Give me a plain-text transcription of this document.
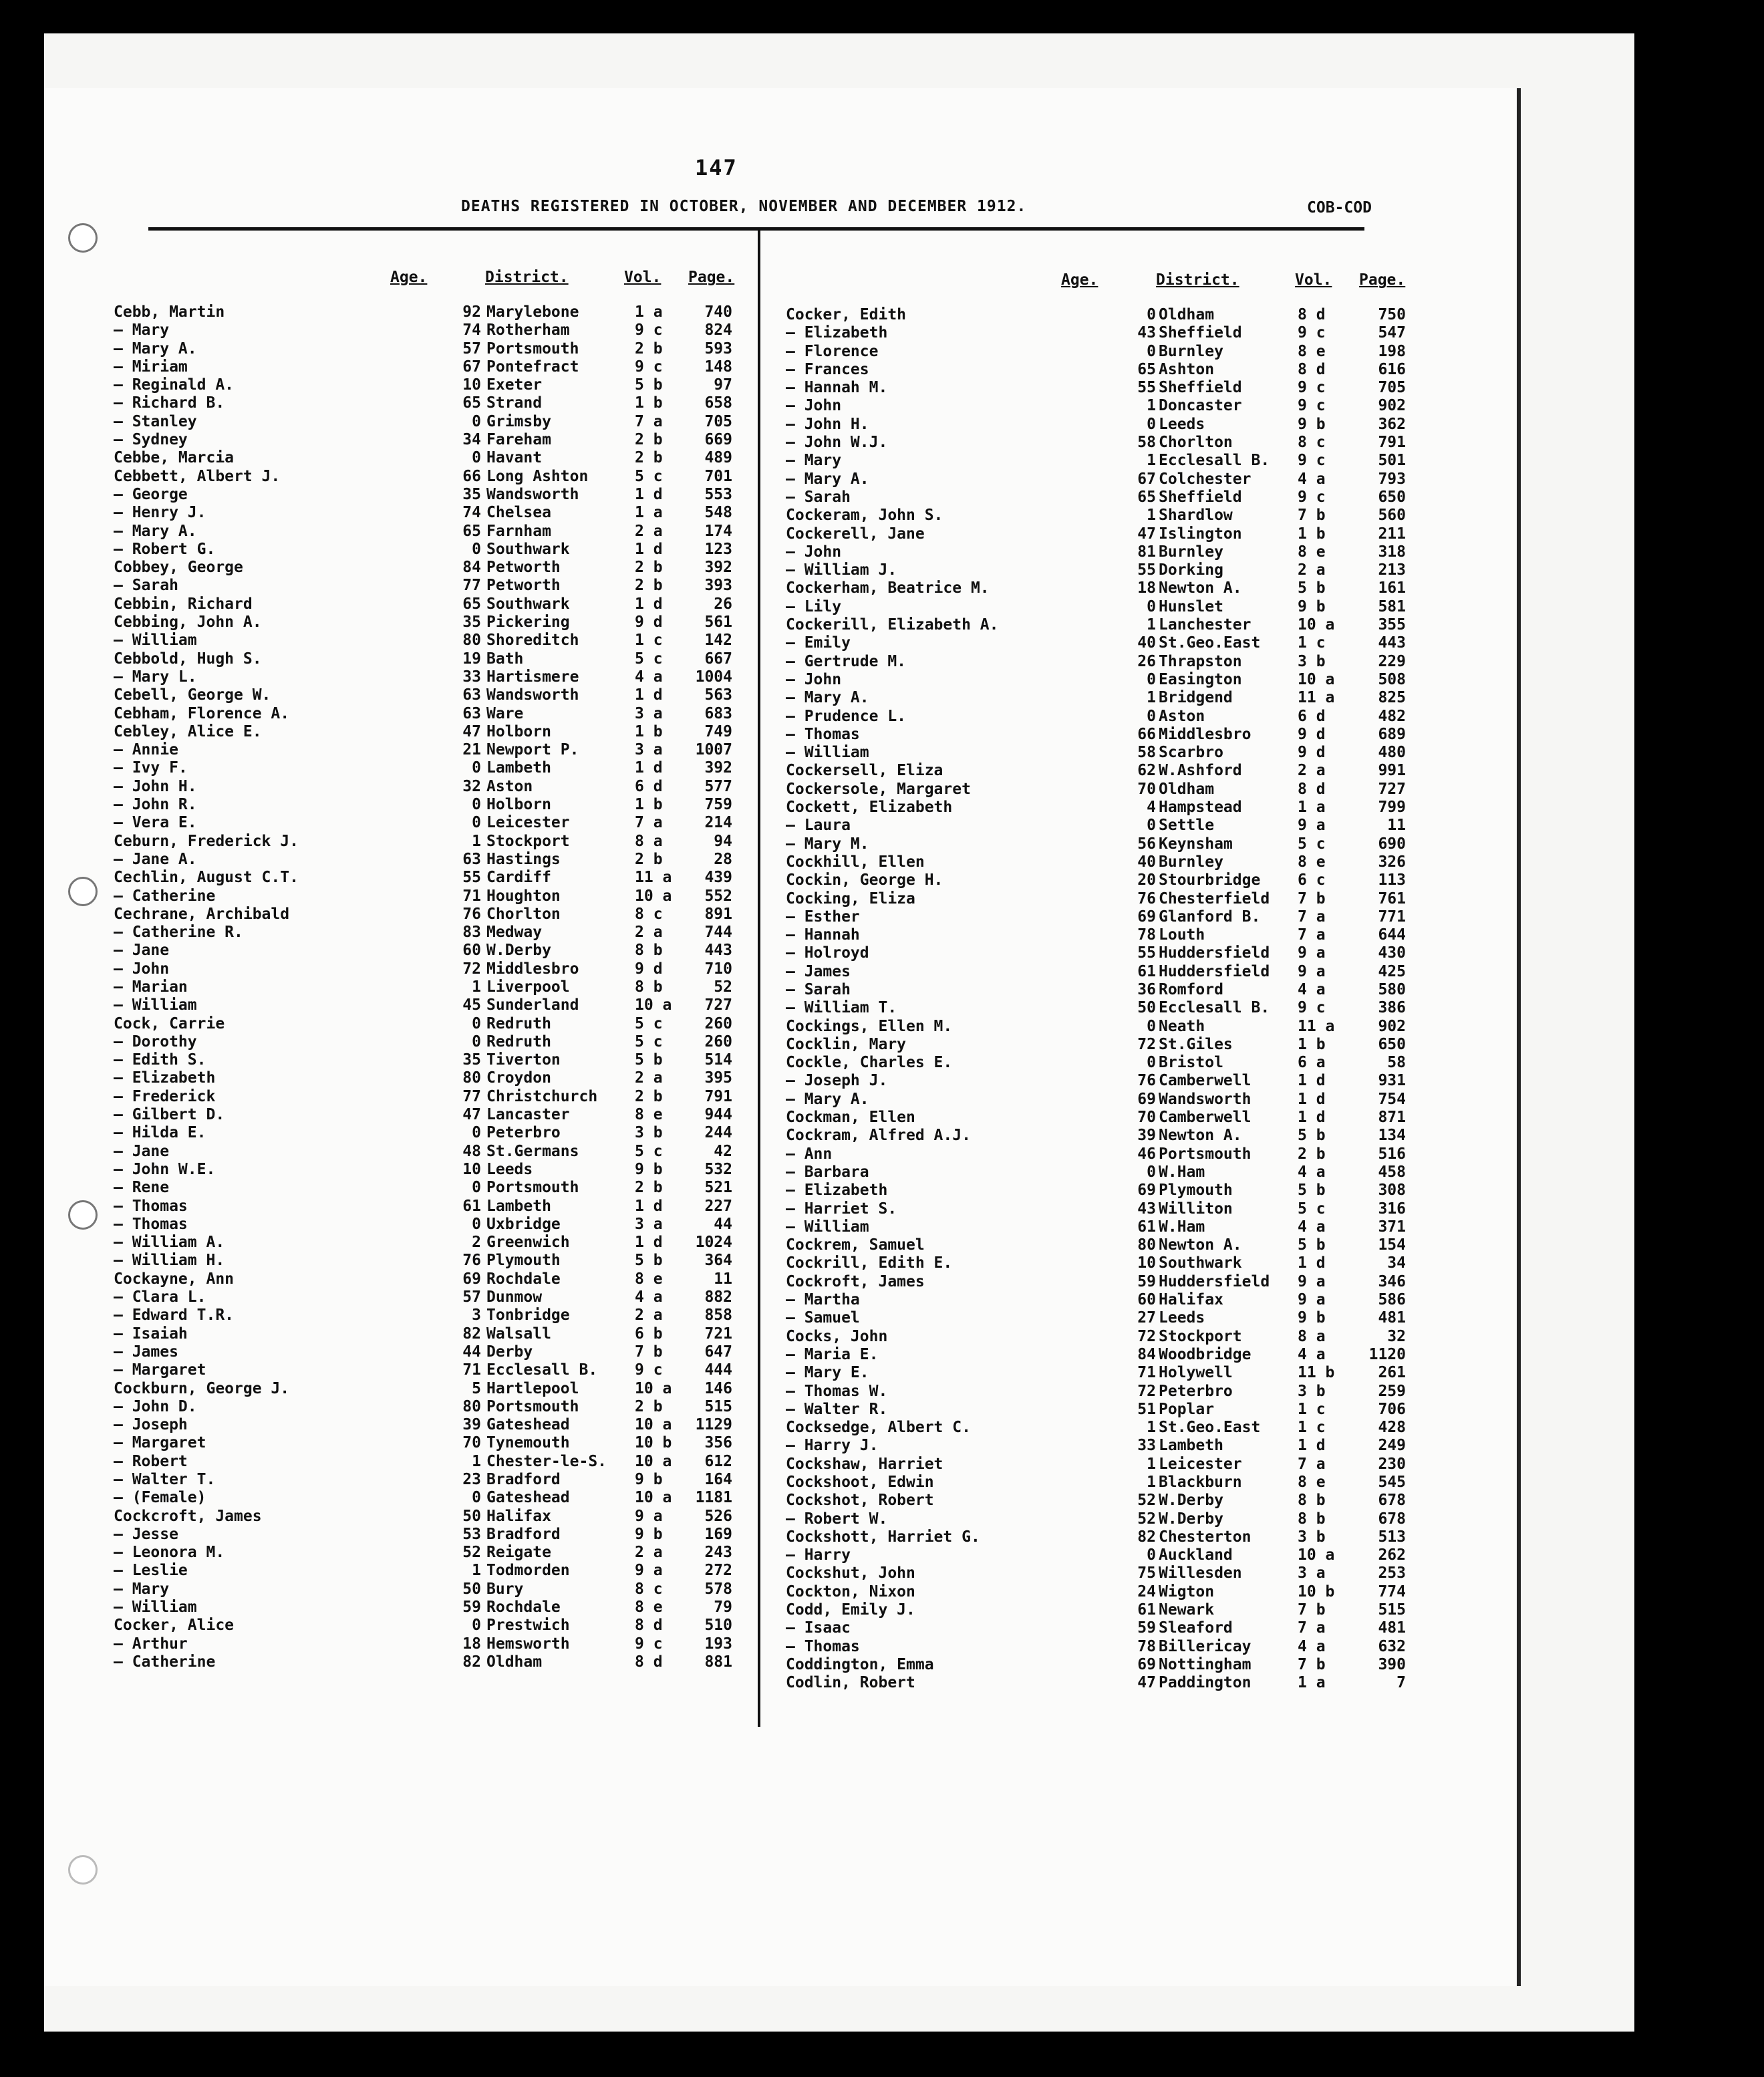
147
DEATHS REGISTERED IN OCTOBER, NOVEMBER AND DECEMBER 1912.	COB-COD
Age.	District.	Vol. Page.	Age.	District.	Vol. Page.
Cebb, Martin	92 Marylebone	1 a	740
— Mary	74 Rotherham	9 c	824
— Mary A.	57 Portsmouth	2 b	593
— Miriam	67 Pontefract	9 c	148
— Reginald A.	10 Exeter	5 b	97
— Richard B.	65 Strand	1 b	658
— Stanley	0 Grimsby	7 a	705
— Sydney	34 Fareham	2 b	669
Cebbe, Marcia	0 Havant	2 b	489
Cebbett, Albert J.	66 Long Ashton	5 c	701
— George	35 Wandsworth	1 d	553
— Henry J.	74 Chelsea	1 a	548
— Mary A.	65 Farnham	2 a	174
— Robert G.	0 Southwark	1 d	123
Cobbey, George	84 Petworth	2 b	392
— Sarah	77 Petworth	2 b	393
Cebbin, Richard	65 Southwark	1 d	26
Cebbing, John A.	35 Pickering	9 d	561
— William	80 Shoreditch	1 c	142
Cebbold, Hugh S.	19 Bath	5 c	667
— Mary L.	33 Hartismere	4 a	1004
Cebell, George W.	63 Wandsworth	1 d	563
Cebham, Florence A.	63 Ware	3 a	683
Cebley, Alice E.	47 Holborn	1 b	749
— Annie	21 Newport P.	3 a	1007
— Ivy F.	0 Lambeth	1 d	392
— John H.	32 Aston	6 d	577
— John R.	0 Holborn	1 b	759
— Vera E.	0 Leicester	7 a	214
Ceburn, Frederick J.	1 Stockport	8 a	94
— Jane A.	63 Hastings	2 b	28
Cechlin, August C.T.	55 Cardiff	11 a	439
— Catherine	71 Houghton	10 a	552
Cechrane, Archibald	76 Chorlton	8 c	891
— Catherine R.	83 Medway	2 a	744
— Jane	60 W.Derby	8 b	443
— John	72 Middlesbro	9 d	710
— Marian	1 Liverpool	8 b	52
— William	45 Sunderland	10 a	727
Cock, Carrie	0 Redruth	5 c	260
— Dorothy	0 Redruth	5 c	260
— Edith S.	35 Tiverton	5 b	514
— Elizabeth	80 Croydon	2 a	395
— Frederick	77 Christchurch 2 b	791
— Gilbert D.	47 Lancaster	8 e	944
— Hilda E.	0 Peterbro	3 b	244
— Jane	48 St.Germans	5 c	42
— John W.E.	10 Leeds	9 b	532
— Rene	0 Portsmouth	2 b	521
— Thomas	61 Lambeth	1 d	227
— Thomas	0 Uxbridge	3 a	44
— William A.	2 Greenwich	1 d	1024
— William H.	76 Plymouth	5 b	364
Cockayne, Ann	69 Rochdale	8 e	11
— Clara L.	57 Dunmow	4 a	882
— Edward T.R.	3 Tonbridge	2 a	858
— Isaiah	82 Walsall	6 b	721
— James	44 Derby	7 b	647
— Margaret	71 Ecclesall B. 9 c	444
Cockburn, George J.	5 Hartlepool	10 a	146
— John D.	80 Portsmouth	2 b	515
— Joseph	39 Gateshead	10 a	1129
— Margaret	70 Tynemouth	10 b	356
— Robert	1 Chester-le-S. 10 a	612
— Walter T.	23 Bradford	9 b	164
— (Female)	0 Gateshead	10 a	1181
Cockcroft, James	50 Halifax	9 a	526
— Jesse	53 Bradford	9 b	169
— Leonora M.	52 Reigate	2 a	243
— Leslie	1 Todmorden	9 a	272
— Mary	50 Bury	8 c	578
— William	59 Rochdale	8 e	79
Cocker, Alice	0 Prestwich	8 d	510
— Arthur	18 Hemsworth	9 c	193
— Catherine	82 Oldham	8 d	881
Cocker, Edith	0 Oldham	8 d	750
— Elizabeth	43 Sheffield	9 c	547
— Florence	0 Burnley	8 e	198
— Frances	65 Ashton	8 d	616
— Hannah M.	55 Sheffield	9 c	705
— John	1 Doncaster	9 c	902
— John H.	0 Leeds	9 b	362
— John W.J.	58 Chorlton	8 c	791
— Mary	1 Ecclesall B. 9 c	501
— Mary A.	67 Colchester	4 a	793
— Sarah	65 Sheffield	9 c	650
Cockeram, John S.	1 Shardlow	7 b	560
Cockerell, Jane	47 Islington	1 b	211
— John	81 Burnley	8 e	318
— William J.	55 Dorking	2 a	213
Cockerham, Beatrice M.	18 Newton A.	5 b	161
— Lily	0 Hunslet	9 b	581
Cockerill, Elizabeth A.	1 Lanchester	10 a	355
— Emily	40 St.Geo.East 1 c	443
— Gertrude M.	26 Thrapston	3 b	229
— John	0 Easington	10 a	508
— Mary A.	1 Bridgend	11 a	825
— Prudence L.	0 Aston	6 d	482
— Thomas	66 Middlesbro	9 d	689
— William	58 Scarbro	9 d	480
Cockersell, Eliza	62 W.Ashford	2 a	991
Cockersole, Margaret	70 Oldham	8 d	727
Cockett, Elizabeth	4 Hampstead	1 a	799
— Laura	0 Settle	9 a	11
— Mary M.	56 Keynsham	5 c	690
Cockhill, Ellen	40 Burnley	8 e	326
Cockin, George H.	20 Stourbridge 6 c	113
Cocking, Eliza	76 Chesterfield 7 b	761
— Esther	69 Glanford B. 7 a	771
— Hannah	78 Louth	7 a	644
— Holroyd	55 Huddersfield 9 a	430
— James	61 Huddersfield 9 a	425
— Sarah	36 Romford	4 a	580
— William T.	50 Ecclesall B. 9 c	386
Cockings, Ellen M.	0 Neath	11 a	902
Cocklin, Mary	72 St.Giles	1 b	650
Cockle, Charles E.	0 Bristol	6 a	58
— Joseph J.	76 Camberwell	1 d	931
— Mary A.	69 Wandsworth	1 d	754
Cockman, Ellen	70 Camberwell	1 d	871
Cockram, Alfred A.J.	39 Newton A.	5 b	134
— Ann	46 Portsmouth	2 b	516
— Barbara	0 W.Ham	4 a	458
— Elizabeth	69 Plymouth	5 b	308
— Harriet S.	43 Williton	5 c	316
— William	61 W.Ham	4 a	371
Cockrem, Samuel	80 Newton A.	5 b	154
Cockrill, Edith E.	10 Southwark	1 d	34
Cockroft, James	59 Huddersfield 9 a	346
— Martha	60 Halifax	9 a	586
— Samuel	27 Leeds	9 b	481
Cocks, John	72 Stockport	8 a	32
— Maria E.	84 Woodbridge	4 a	1120
— Mary E.	71 Holywell	11 b	261
— Thomas W.	72 Peterbro	3 b	259
— Walter R.	51 Poplar	1 c	706
Cocksedge, Albert C.	1 St.Geo.East 1 c	428
— Harry J.	33 Lambeth	1 d	249
Cockshaw, Harriet	1 Leicester	7 a	230
Cockshoot, Edwin	1 Blackburn	8 e	545
Cockshot, Robert	52 W.Derby	8 b	678
— Robert W.	52 W.Derby	8 b	678
Cockshott, Harriet G.	82 Chesterton	3 b	513
— Harry	0 Auckland	10 a	262
Cockshut, John	75 Willesden	3 a	253
Cockton, Nixon	24 Wigton	10 b	774
Codd, Emily J.	61 Newark	7 b	515
— Isaac	59 Sleaford	7 a	481
— Thomas	78 Billericay	4 a	632
Coddington, Emma	69 Nottingham	7 b	390
Codlin, Robert	47 Paddington	1 a	7
